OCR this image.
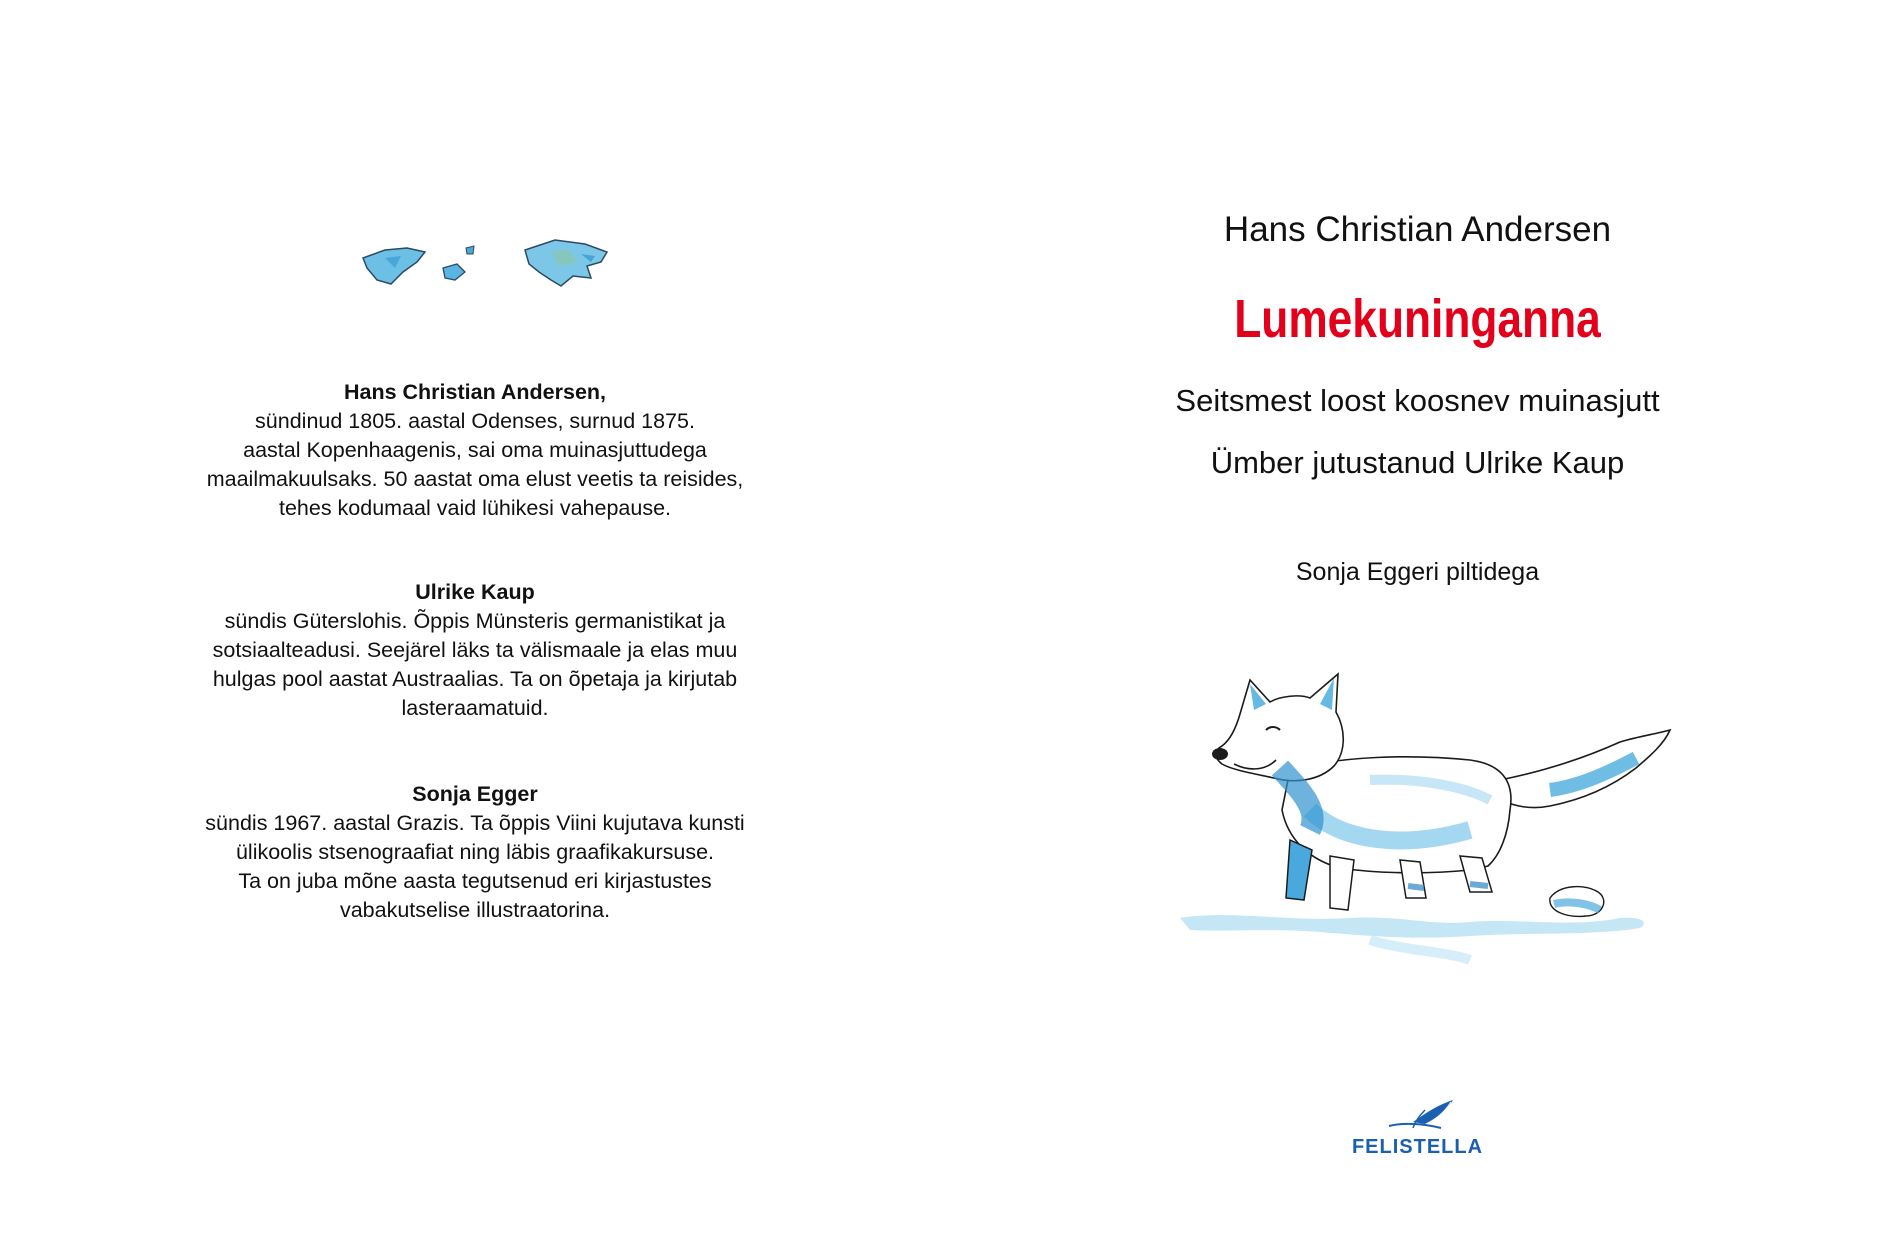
Hans Christian Andersen,
sündinud 1805. aastal Odenses, surnud 1875.
aastal Kopenhaagenis, sai oma muinasjuttudega
maailmakuulsaks. 50 aastat oma elust veetis ta reisides,
tehes kodumaal vaid lühikesi vahepause.
Ulrike Kaup
sündis Güterslohis. Õppis Münsteris germanistikat ja
sotsiaalteadusi. Seejärel läks ta välismaale ja elas muu
hulgas pool aastat Austraalias. Ta on õpetaja ja kirjutab
lasteraamatuid.
Sonja Egger
sündis 1967. aastal Grazis. Ta õppis Viini kujutava kunsti
ülikoolis stsenograafiat ning läbis graafikakursuse.
Ta on juba mõne aasta tegutsenud eri kirjastustes
vabakutselise illustraatorina.
Hans Christian Andersen
Lumekuninganna
Seitsmest loost koosnev muinasjutt
Ümber jutustanud Ulrike Kaup
Sonja Eggeri piltidega
FELISTELLA
